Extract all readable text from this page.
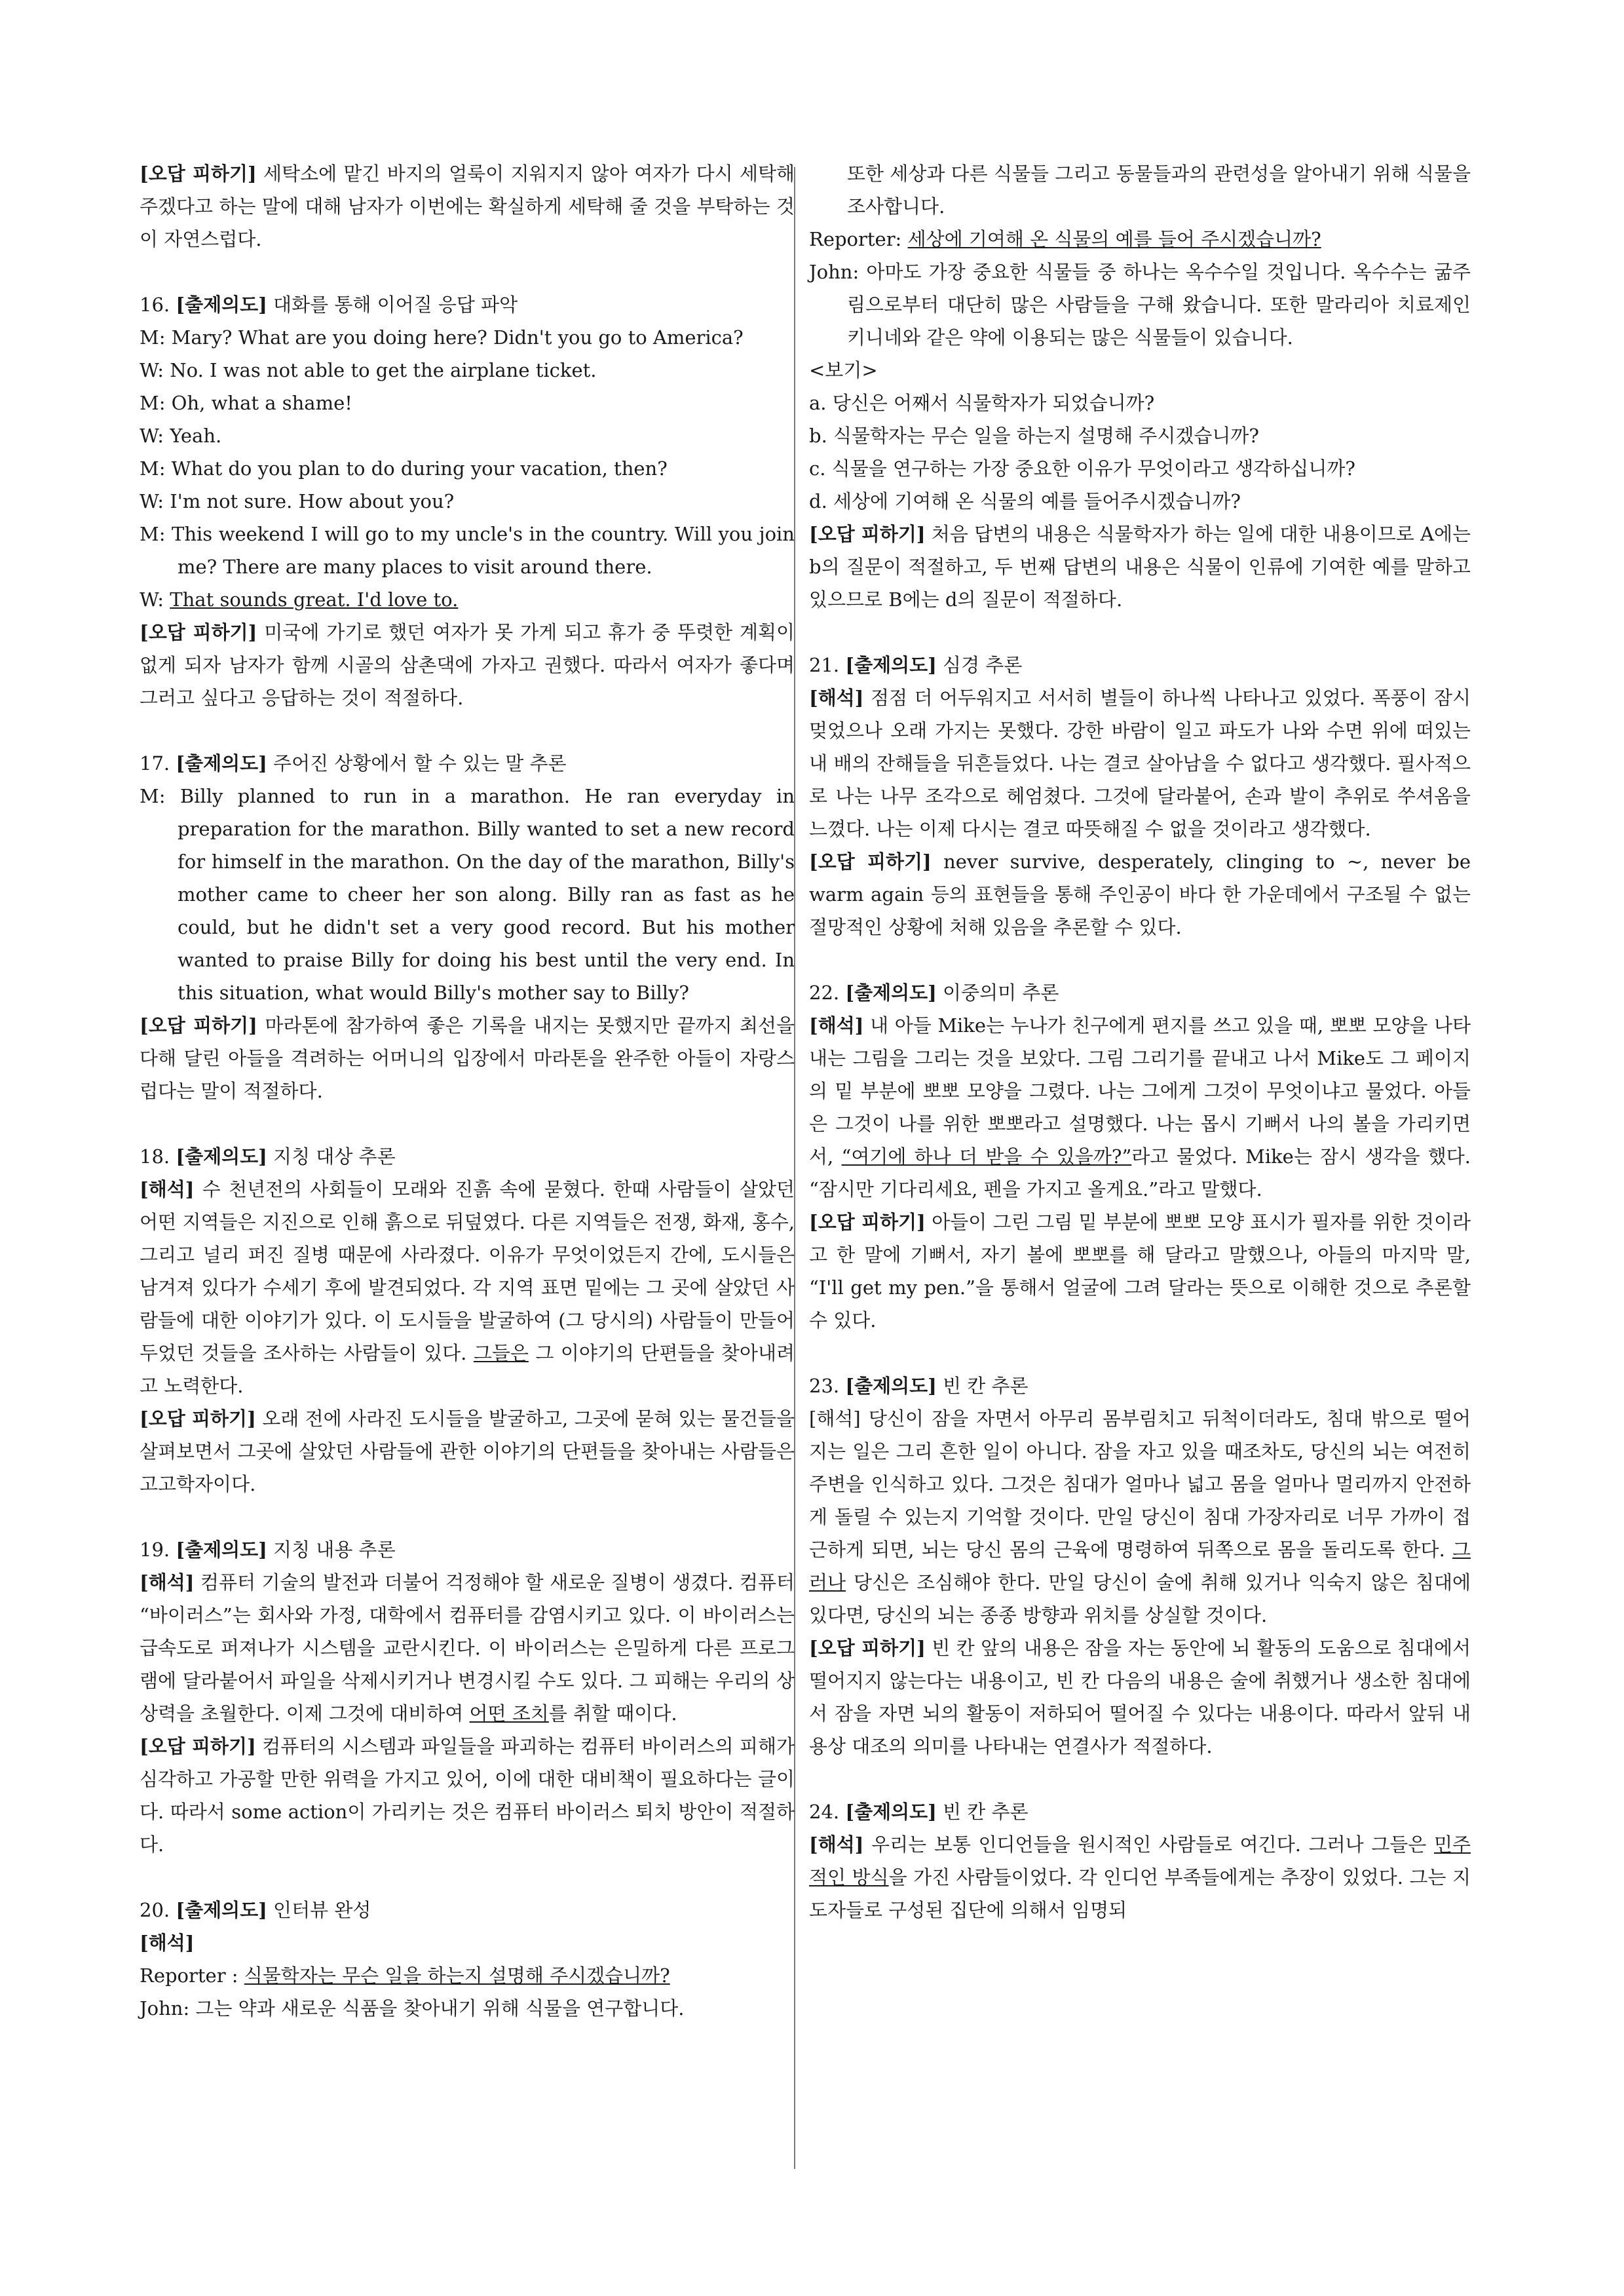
[오답 피하기] 세탁소에 맡긴 바지의 얼룩이 지워지지 않아 여자가 다시 세탁해 주겠다고 하는 말에 대해 남자가 이번에는 확실하게 세탁해 줄 것을 부탁하는 것이 자연스럽다.

16. [출제의도] 대화를 통해 이어질 응답 파악

M: Mary? What are you doing here? Didn't you go to America?

W: No. I was not able to get the airplane ticket.

M: Oh, what a shame!

W: Yeah.

M: What do you plan to do during your vacation, then?

W: I'm not sure. How about you?

M: This weekend I will go to my uncle's in the country. Will you join me? There are many places to visit around there.

W: That sounds great. I'd love to.

[오답 피하기] 미국에 가기로 했던 여자가 못 가게 되고 휴가 중 뚜렷한 계획이 없게 되자 남자가 함께 시골의 삼촌댁에 가자고 권했다. 따라서 여자가 좋다며 그러고 싶다고 응답하는 것이 적절하다.

17. [출제의도] 주어진 상황에서 할 수 있는 말 추론

M: Billy planned to run in a marathon. He ran everyday in preparation for the marathon. Billy wanted to set a new record for himself in the marathon. On the day of the marathon, Billy's mother came to cheer her son along. Billy ran as fast as he could, but he didn't set a very good record. But his mother wanted to praise Billy for doing his best until the very end. In this situation, what would Billy's mother say to Billy?

[오답 피하기] 마라톤에 참가하여 좋은 기록을 내지는 못했지만 끝까지 최선을 다해 달린 아들을 격려하는 어머니의 입장에서 마라톤을 완주한 아들이 자랑스럽다는 말이 적절하다.

18. [출제의도] 지칭 대상 추론

[해석] 수 천년전의 사회들이 모래와 진흙 속에 묻혔다. 한때 사람들이 살았던 어떤 지역들은 지진으로 인해 흙으로 뒤덮였다. 다른 지역들은 전쟁, 화재, 홍수, 그리고 널리 퍼진 질병 때문에 사라졌다. 이유가 무엇이었든지 간에, 도시들은 남겨져 있다가 수세기 후에 발견되었다. 각 지역 표면 밑에는 그 곳에 살았던 사람들에 대한 이야기가 있다. 이 도시들을 발굴하여 (그 당시의) 사람들이 만들어 두었던 것들을 조사하는 사람들이 있다. 그들은 그 이야기의 단편들을 찾아내려고 노력한다.

[오답 피하기] 오래 전에 사라진 도시들을 발굴하고, 그곳에 묻혀 있는 물건들을 살펴보면서 그곳에 살았던 사람들에 관한 이야기의 단편들을 찾아내는 사람들은 고고학자이다.

19. [출제의도] 지칭 내용 추론

[해석] 컴퓨터 기술의 발전과 더불어 걱정해야 할 새로운 질병이 생겼다. 컴퓨터 “바이러스”는 회사와 가정, 대학에서 컴퓨터를 감염시키고 있다. 이 바이러스는 급속도로 퍼져나가 시스템을 교란시킨다. 이 바이러스는 은밀하게 다른 프로그램에 달라붙어서 파일을 삭제시키거나 변경시킬 수도 있다. 그 피해는 우리의 상상력을 초월한다. 이제 그것에 대비하여 어떤 조치를 취할 때이다.

[오답 피하기] 컴퓨터의 시스템과 파일들을 파괴하는 컴퓨터 바이러스의 피해가 심각하고 가공할 만한 위력을 가지고 있어, 이에 대한 대비책이 필요하다는 글이다. 따라서 some action이 가리키는 것은 컴퓨터 바이러스 퇴치 방안이 적절하다.

20. [출제의도] 인터뷰 완성

[해석]

Reporter : 식물학자는 무슨 일을 하는지 설명해 주시겠습니까?

John: 그는 약과 새로운 식품을 찾아내기 위해 식물을 연구합니다.

또한 세상과 다른 식물들 그리고 동물들과의 관련성을 알아내기 위해 식물을 조사합니다.

Reporter: 세상에 기여해 온 식물의 예를 들어 주시겠습니까?

John: 아마도 가장 중요한 식물들 중 하나는 옥수수일 것입니다. 옥수수는 굶주림으로부터 대단히 많은 사람들을 구해 왔습니다. 또한 말라리아 치료제인 키니네와 같은 약에 이용되는 많은 식물들이 있습니다.

<보기>

a. 당신은 어째서 식물학자가 되었습니까?

b. 식물학자는 무슨 일을 하는지 설명해 주시겠습니까?

c. 식물을 연구하는 가장 중요한 이유가 무엇이라고 생각하십니까?

d. 세상에 기여해 온 식물의 예를 들어주시겠습니까?

[오답 피하기] 처음 답변의 내용은 식물학자가 하는 일에 대한 내용이므로 A에는 b의 질문이 적절하고, 두 번째 답변의 내용은 식물이 인류에 기여한 예를 말하고 있으므로 B에는 d의 질문이 적절하다.

21. [출제의도] 심경 추론

[해석] 점점 더 어두워지고 서서히 별들이 하나씩 나타나고 있었다. 폭풍이 잠시 멎었으나 오래 가지는 못했다. 강한 바람이 일고 파도가 나와 수면 위에 떠있는 내 배의 잔해들을 뒤흔들었다. 나는 결코 살아남을 수 없다고 생각했다. 필사적으로 나는 나무 조각으로 헤엄쳤다. 그것에 달라붙어, 손과 발이 추위로 쑤셔옴을 느꼈다. 나는 이제 다시는 결코 따뜻해질 수 없을 것이라고 생각했다.

[오답 피하기] never survive, desperately, clinging to ~, never be warm again 등의 표현들을 통해 주인공이 바다 한 가운데에서 구조될 수 없는 절망적인 상황에 처해 있음을 추론할 수 있다.

22. [출제의도] 이중의미 추론

[해석] 내 아들 Mike는 누나가 친구에게 편지를 쓰고 있을 때, 뽀뽀 모양을 나타내는 그림을 그리는 것을 보았다. 그림 그리기를 끝내고 나서 Mike도 그 페이지의 밑 부분에 뽀뽀 모양을 그렸다. 나는 그에게 그것이 무엇이냐고 물었다. 아들은 그것이 나를 위한 뽀뽀라고 설명했다. 나는 몹시 기뻐서 나의 볼을 가리키면서, “여기에 하나 더 받을 수 있을까?”라고 물었다. Mike는 잠시 생각을 했다. “잠시만 기다리세요, 펜을 가지고 올게요.”라고 말했다.

[오답 피하기] 아들이 그린 그림 밑 부분에 뽀뽀 모양 표시가 필자를 위한 것이라고 한 말에 기뻐서, 자기 볼에 뽀뽀를 해 달라고 말했으나, 아들의 마지막 말, “I'll get my pen.”을 통해서 얼굴에 그려 달라는 뜻으로 이해한 것으로 추론할 수 있다.

23. [출제의도] 빈 칸 추론

[해석] 당신이 잠을 자면서 아무리 몸부림치고 뒤척이더라도, 침대 밖으로 떨어지는 일은 그리 흔한 일이 아니다. 잠을 자고 있을 때조차도, 당신의 뇌는 여전히 주변을 인식하고 있다. 그것은 침대가 얼마나 넓고 몸을 얼마나 멀리까지 안전하게 돌릴 수 있는지 기억할 것이다. 만일 당신이 침대 가장자리로 너무 가까이 접근하게 되면, 뇌는 당신 몸의 근육에 명령하여 뒤쪽으로 몸을 돌리도록 한다. 그러나 당신은 조심해야 한다. 만일 당신이 술에 취해 있거나 익숙지 않은 침대에 있다면, 당신의 뇌는 종종 방향과 위치를 상실할 것이다.

[오답 피하기] 빈 칸 앞의 내용은 잠을 자는 동안에 뇌 활동의 도움으로 침대에서 떨어지지 않는다는 내용이고, 빈 칸 다음의 내용은 술에 취했거나 생소한 침대에서 잠을 자면 뇌의 활동이 저하되어 떨어질 수 있다는 내용이다. 따라서 앞뒤 내용상 대조의 의미를 나타내는 연결사가 적절하다.

24. [출제의도] 빈 칸 추론

[해석] 우리는 보통 인디언들을 원시적인 사람들로 여긴다. 그러나 그들은 민주적인 방식을 가진 사람들이었다. 각 인디언 부족들에게는 추장이 있었다. 그는 지도자들로 구성된 집단에 의해서 임명되
